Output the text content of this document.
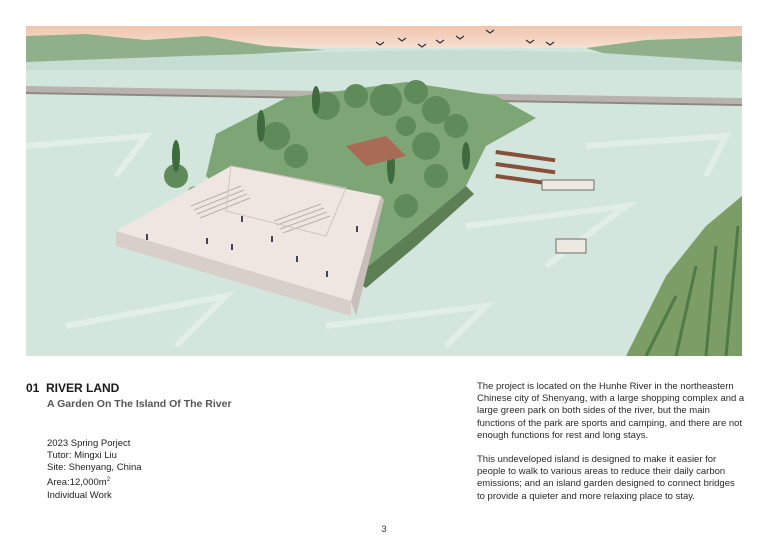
01 RIVER LAND
A Garden On The Island Of The River
2023 Spring Porject
Tutor: Mingxi Liu
Site: Shenyang, China
$Area:12,000m^2$
Individual Work

The project is located on the Hunhe River in the northeastern Chinese city of Shenyang, with a large shopping complex and a large green park on both sides of the river, but the main functions of the park are sports and camping, and there are not enough functions for rest and long stays.

This undeveloped island is designed to make it easier for people to walk to various areas to reduce their daily carbon emissions; and an island garden designed to connect bridges to provide a quieter and more relaxing place to stay.

3
